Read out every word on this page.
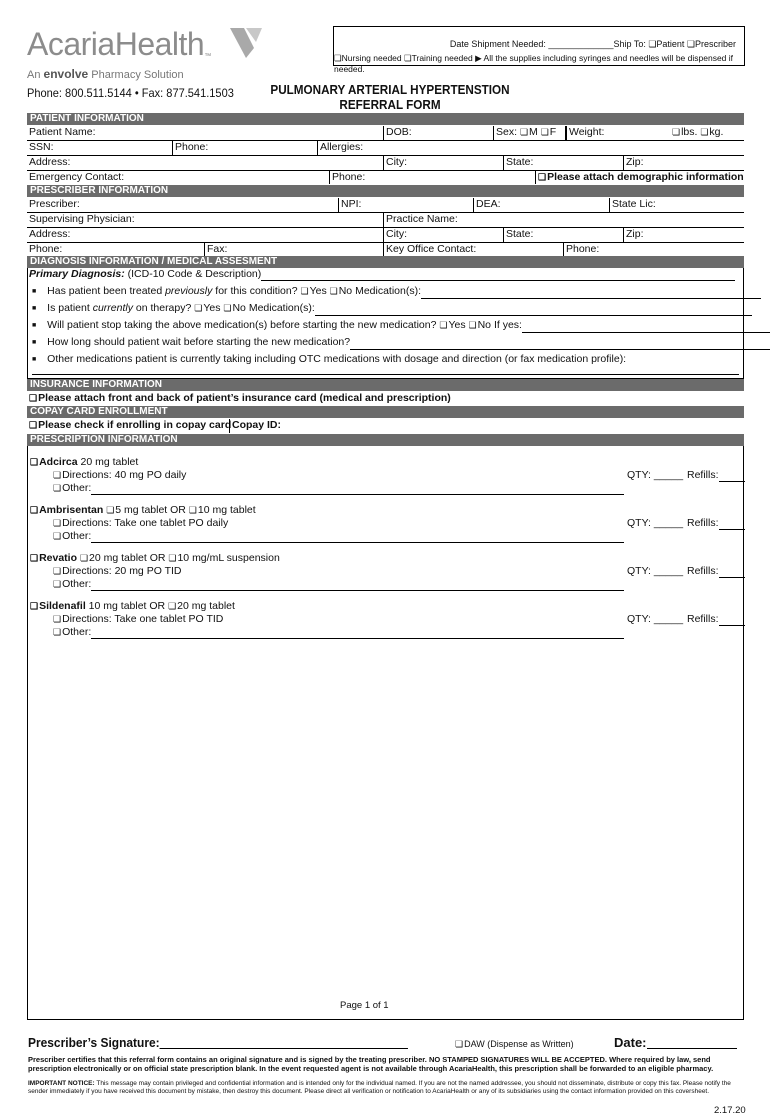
AcariaHealth™
An envolve Pharmacy Solution
Phone: 800.511.5144 • Fax: 877.541.1503
Date Shipment Needed: _____________Ship To: ❏Patient ❏Prescriber
❏Nursing needed ❏Training needed ▶ All the supplies including syringes and needles will be dispensed if needed.
PULMONARY ARTERIAL HYPERTENSTION
REFERRAL FORM
PATIENT INFORMATION
Patient Name:	DOB:	Sex: ❏ M ❏ F	Weight:	❏ lbs. ❏ kg.
SSN:	Phone:	Allergies:
Address:	City:	State:	Zip:
Emergency Contact:	Phone:	❏ Please attach demographic information
PRESCRIBER INFORMATION
Prescriber:	NPI:	DEA:	State Lic:
Supervising Physician:	Practice Name:
Address:	City:	State:	Zip:
Phone:	Fax:	Key Office Contact:	Phone:
DIAGNOSIS INFORMATION / MEDICAL ASSESMENT
Primary Diagnosis: (ICD-10 Code & Description)
■ Has patient been treated previously for this condition? ❏ Yes ❏ No Medication(s):
■ Is patient currently on therapy? ❏ Yes ❏ No Medication(s):
■ Will patient stop taking the above medication(s) before starting the new medication? ❏ Yes ❏ No If yes:
■ How long should patient wait before starting the new medication?
■ Other medications patient is currently taking including OTC medications with dosage and direction (or fax medication profile):
INSURANCE INFORMATION
❏ Please attach front and back of patient’s insurance card (medical and prescription)
COPAY CARD ENROLLMENT
❏ Please check if enrolling in copay card Copay ID:
PRESCRIPTION INFORMATION
❏ Adcirca 20 mg tablet
❏ Directions: 40 mg PO daily
❏ Other:
QTY: _____ Refills:
❏ Ambrisentan ❏ 5 mg tablet OR ❏ 10 mg tablet
❏ Directions: Take one tablet PO daily
❏ Other:
QTY: _____ Refills:
❏ Revatio ❏ 20 mg tablet OR ❏ 10 mg/mL suspension
❏ Directions: 20 mg PO TID
❏ Other:
QTY: _____ Refills:
❏ Sildenafil 10 mg tablet OR ❏ 20 mg tablet
❏ Directions: Take one tablet PO TID
❏ Other:
QTY: _____ Refills:
Prescriber’s Signature:	❏ DAW (Dispense as Written)	Date:
Prescriber certifies that this referral form contains an original signature and is signed by the treating prescriber. NO STAMPED SIGNATURES WILL BE ACCEPTED. Where required by law, send prescription electronically or on official state prescription blank. In the event requested agent is not available through AcariaHealth, this prescription shall be forwarded to an eligible pharmacy.
IMPORTANT NOTICE: This message may contain privileged and confidential information and is intended only for the individual named. If you are not the named addressee, you should not disseminate, distribute or copy this fax. Please notify the sender immediately if you have received this document by mistake, then destroy this document. Please direct all verification or notification to AcariaHealth or any of its subsidiaries using the contact information provided on this coversheet.
2.17.20
Page 1 of 1
